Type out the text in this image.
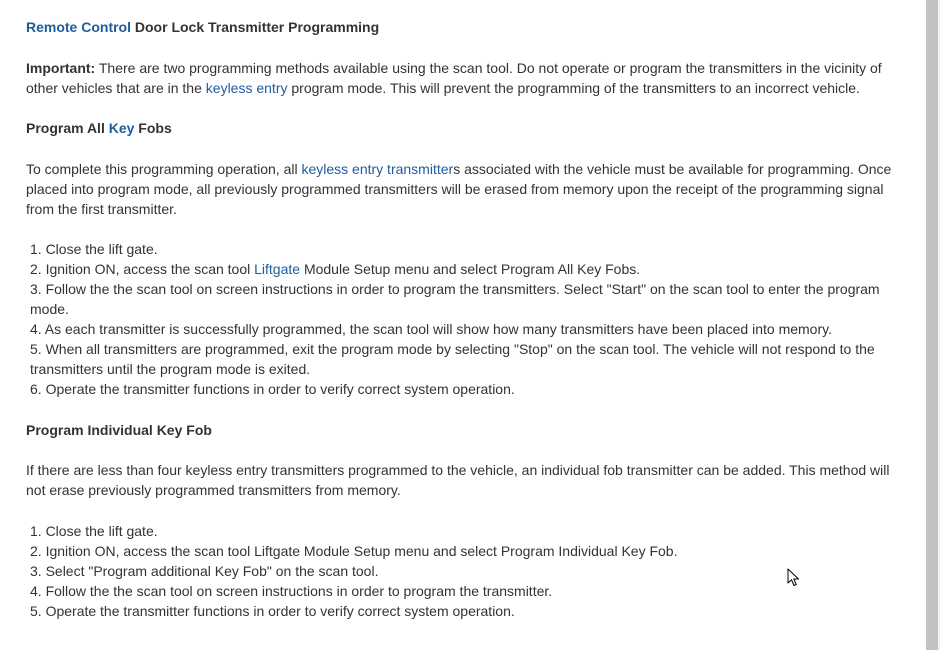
Remote Control Door Lock Transmitter Programming

Important: There are two programming methods available using the scan tool. Do not operate or program the transmitters in the vicinity of other vehicles that are in the keyless entry program mode. This will prevent the programming of the transmitters to an incorrect vehicle.

Program All Key Fobs

To complete this programming operation, all keyless entry transmitters associated with the vehicle must be available for programming. Once placed into program mode, all previously programmed transmitters will be erased from memory upon the receipt of the programming signal from the first transmitter.

1. Close the lift gate.
2. Ignition ON, access the scan tool Liftgate Module Setup menu and select Program All Key Fobs.
3. Follow the the scan tool on screen instructions in order to program the transmitters. Select "Start" on the scan tool to enter the program mode.
4. As each transmitter is successfully programmed, the scan tool will show how many transmitters have been placed into memory.
5. When all transmitters are programmed, exit the program mode by selecting "Stop" on the scan tool. The vehicle will not respond to the transmitters until the program mode is exited.
6. Operate the transmitter functions in order to verify correct system operation.

Program Individual Key Fob

If there are less than four keyless entry transmitters programmed to the vehicle, an individual fob transmitter can be added. This method will not erase previously programmed transmitters from memory.

1. Close the lift gate.
2. Ignition ON, access the scan tool Liftgate Module Setup menu and select Program Individual Key Fob.
3. Select "Program additional Key Fob" on the scan tool.
4. Follow the the scan tool on screen instructions in order to program the transmitter.
5. Operate the transmitter functions in order to verify correct system operation.
